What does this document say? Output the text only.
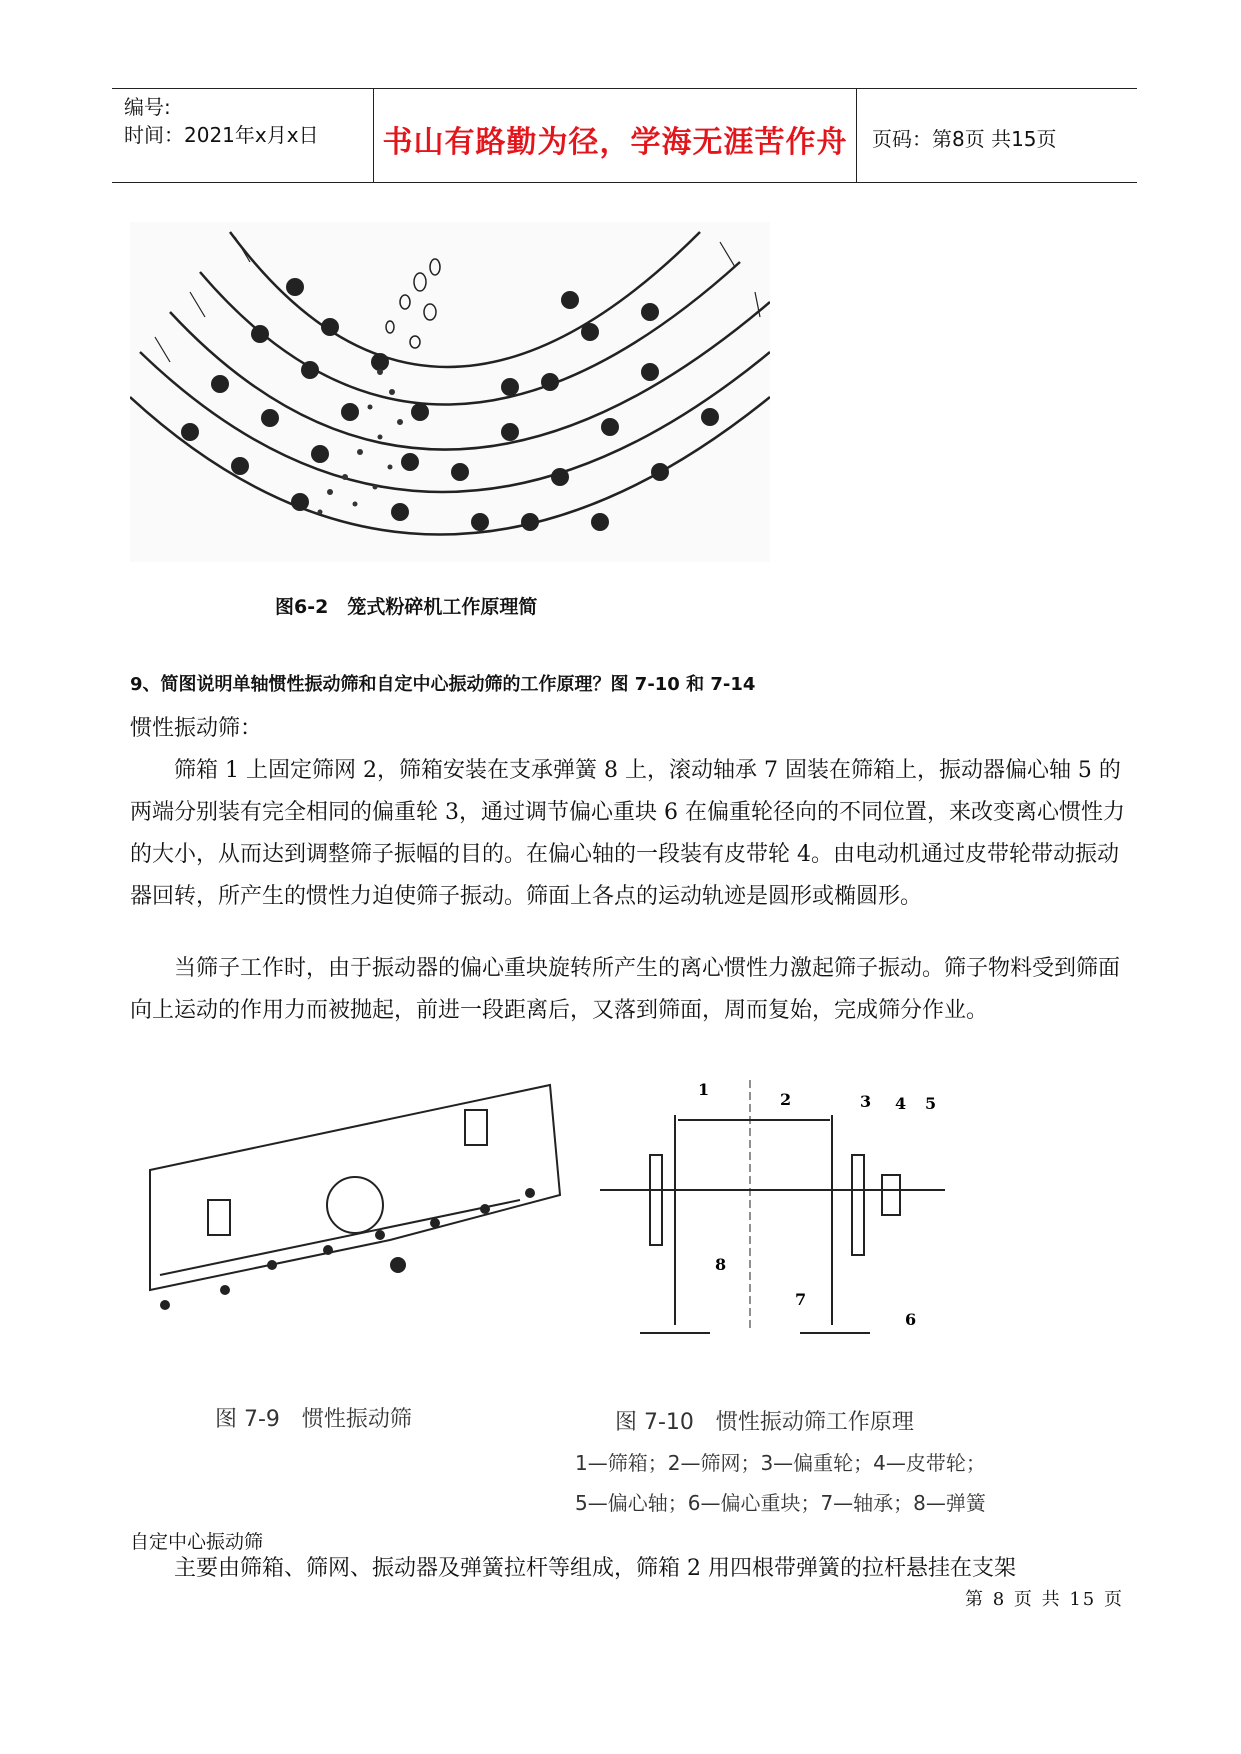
编号:
时间：2021年x月x日	书山有路勤为径，学海无涯苦作舟	页码：第8页 共15页
图6-2　笼式粉碎机工作原理简
9、简图说明单轴惯性振动筛和自定中心振动筛的工作原理？图 7-10 和 7-14
惯性振动筛：
筛箱 1 上固定筛网 2，筛箱安装在支承弹簧 8 上，滚动轴承 7 固装在筛箱上，振动器偏心轴 5 的两端分别装有完全相同的偏重轮 3，通过调节偏心重块 6 在偏重轮径向的不同位置，来改变离心惯性力的大小，从而达到调整筛子振幅的目的。在偏心轴的一段装有皮带轮 4。由电动机通过皮带轮带动振动器回转，所产生的惯性力迫使筛子振动。筛面上各点的运动轨迹是圆形或椭圆形。
当筛子工作时，由于振动器的偏心重块旋转所产生的离心惯性力激起筛子振动。筛子物料受到筛面向上运动的作用力而被抛起，前进一段距离后，又落到筛面，周而复始，完成筛分作业。
1
2	3 4 5
6
7
8
图 7-9　惯性振动筛	图 7-10　惯性振动筛工作原理
1—筛箱；2—筛网；3—偏重轮；4—皮带轮；
5—偏心轴；6—偏心重块；7—轴承；8—弹簧
自定中心振动筛
主要由筛箱、筛网、振动器及弹簧拉杆等组成，筛箱 2 用四根带弹簧的拉杆悬挂在支架
第 8 页 共 15 页
